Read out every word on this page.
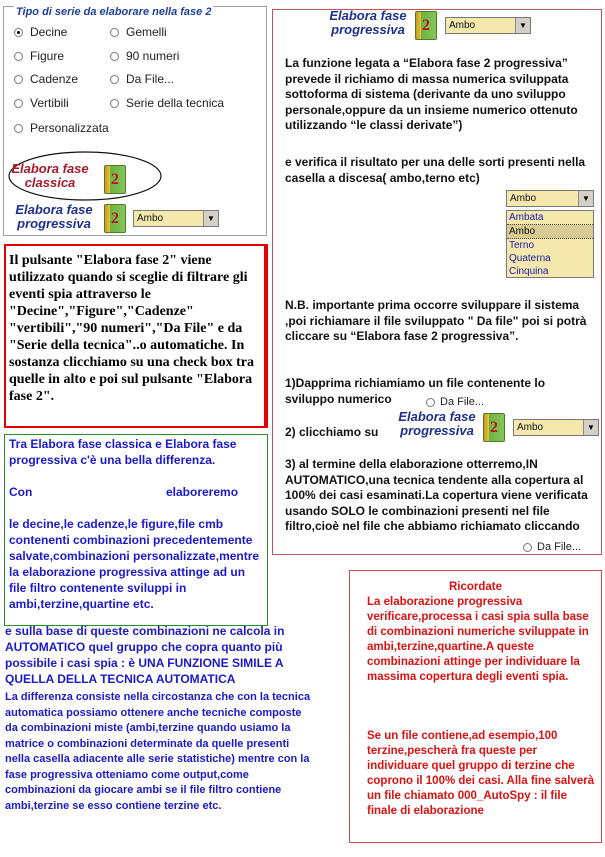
Tipo di serie da elaborare nella fase 2
Decine
Figure
Cadenze
Vertibili
Personalizzata
Gemelli
90 numeri
Da File...
Serie della tecnica
Elabora fase classica	2
Elabora fase progressiva	2 Ambo	▼
Il pulsante "Elabora fase 2" viene utilizzato quando si sceglie di filtrare gli eventi spia attraverso le "Decine","Figure","Cadenze" "vertibili","90 numeri","Da File" e da "Serie della tecnica"..o automatiche. In sostanza clicchiamo su una check box tra quelle in alto e poi sul pulsante "Elabora fase 2".
Tra Elabora fase classica e Elabora fase progressiva c'è una bella differenza.
Con	elaboreremo
le decine,le cadenze,le figure,file cmb contenenti combinazioni precedentemente salvate,combinazioni personalizzate,mentre la elaborazione progressiva attinge ad un file filtro contenente sviluppi in ambi,terzine,quartine etc.
e sulla base di queste combinazioni ne calcola in AUTOMATICO quel gruppo che copra quanto più possibile i casi spia : è UNA FUNZIONE SIMILE A QUELLA DELLA TECNICA AUTOMATICA
La differenza consiste nella circostanza che con la tecnica automatica possiamo ottenere anche tecniche composte da combinazioni miste (ambi,terzine quando usiamo la matrice o combinazioni determinate da quelle presenti nella casella adiacente alle serie statistiche) mentre con la fase progressiva otteniamo come output,come combinazioni da giocare ambi se il file filtro contiene ambi,terzine se esso contiene terzine etc.
Elabora fase progressiva 2 Ambo	▼
La funzione legata a “Elabora fase 2 progressiva” prevede il richiamo di massa numerica sviluppata sottoforma di sistema (derivante da uno sviluppo personale,oppure da un insieme numerico ottenuto utilizzando “le classi derivate”)
e verifica il risultato per una delle sorti presenti nella casella a discesa( ambo,terno etc)
Ambo	▼
Ambata
Ambo
Terno
Quaterna
Cinquina
N.B. importante prima occorre sviluppare il sistema ,poi richiamare il file sviluppato " Da file" poi si potrà cliccare su “Elabora fase 2 progressiva”.
1)Dapprima richiamiamo un file contenente lo sviluppo numerico	Da File...
2) clicchiamo su
Elabora fase progressiva 2 Ambo	▼
3) al termine della elaborazione otterremo,IN AUTOMATICO,una tecnica tendente alla copertura al 100% dei casi esaminati.La copertura viene verificata usando SOLO le combinazioni presenti nel file filtro,cioè nel file che abbiamo richiamato cliccando
Da File...
Ricordate
La elaborazione progressiva verificare,processa i casi spia sulla base di combinazioni numeriche sviluppate in ambi,terzine,quartine.A queste combinazioni attinge per individuare la massima copertura degli eventi spia.
Se un file contiene,ad esempio,100 terzine,pescherà fra queste per individuare quel gruppo di terzine che coprono il 100% dei casi. Alla fine salverà un file chiamato 000_AutoSpy : il file finale di elaborazione
